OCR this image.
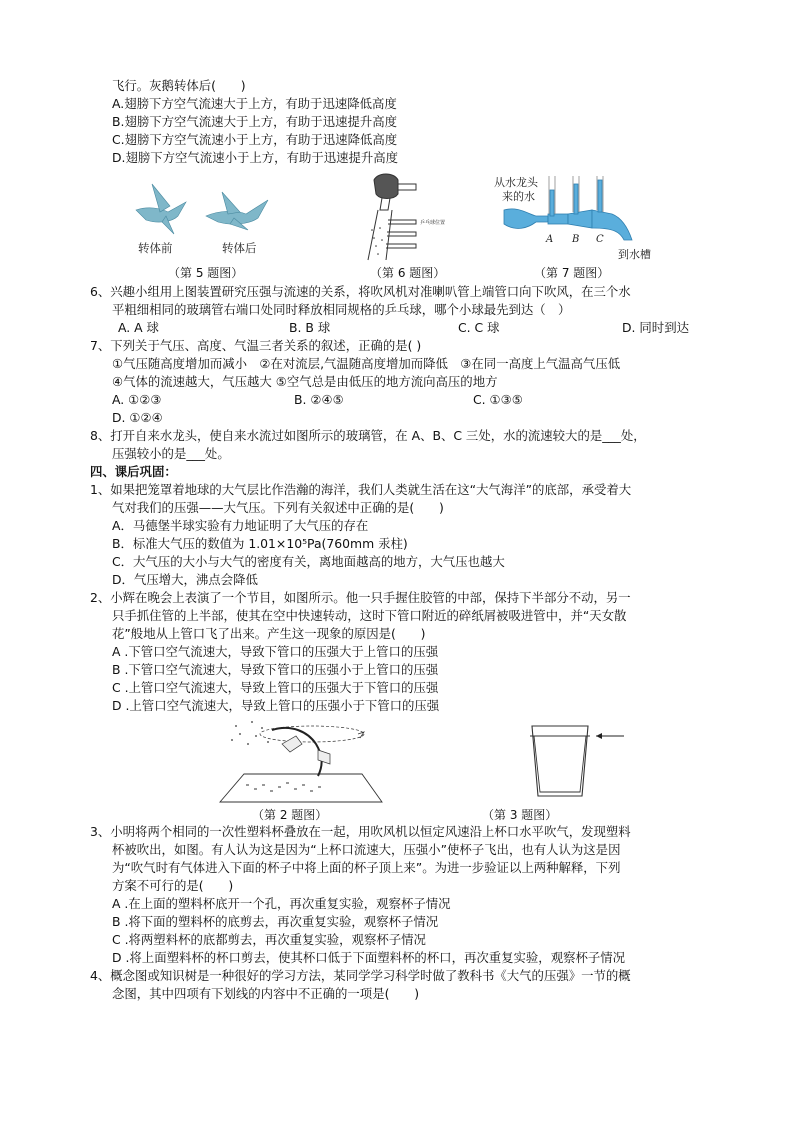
飞行。灰鹅转体后(　　)
A.翅膀下方空气流速大于上方，有助于迅速降低高度
B.翅膀下方空气流速大于上方，有助于迅速提升高度
C.翅膀下方空气流速小于上方，有助于迅速降低高度
D.翅膀下方空气流速小于上方，有助于迅速提升高度
转体前	转体后
乒乓球位置
从水龙头
来的水
A B C
到水槽
（第 5 题图）	（第 6 题图）	（第 7 题图）
6、兴趣小组用上图装置研究压强与流速的关系，将吹风机对准喇叭管上端管口向下吹风，在三个水
平粗细相同的玻璃管右端口处同时释放相同规格的乒乓球，哪个小球最先到达（　）
A. A 球	B. B 球	C. C 球	D. 同时到达
7、下列关于气压、高度、气温三者关系的叙述，正确的是( )
①气压随高度增加而减小　②在对流层,气温随高度增加而降低　③在同一高度上气温高气压低
④气体的流速越大，气压越大 ⑤空气总是由低压的地方流向高压的地方
A. ①②③	B. ②④⑤	C. ①③⑤
D. ①②④
8、打开自来水龙头，使自来水流过如图所示的玻璃管，在 A、B、C 三处，水的流速较大的是___处，
压强较小的是___处。
四、课后巩固：
1、如果把笼罩着地球的大气层比作浩瀚的海洋，我们人类就生活在这“大气海洋”的底部，承受着大
气对我们的压强——大气压。下列有关叙述中正确的是(　　)
A．马德堡半球实验有力地证明了大气压的存在
B．标准大气压的数值为 1.01×10⁵Pa(760mm 汞柱)
C．大气压的大小与大气的密度有关，离地面越高的地方，大气压也越大
D．气压增大，沸点会降低
2、小辉在晚会上表演了一个节目，如图所示。他一只手握住胶管的中部，保持下半部分不动，另一
只手抓住管的上半部，使其在空中快速转动，这时下管口附近的碎纸屑被吸进管中，并“天女散
花”般地从上管口飞了出来。产生这一现象的原因是(　　)
A .下管口空气流速大，导致下管口的压强大于上管口的压强
B .下管口空气流速大，导致下管口的压强小于上管口的压强
C .上管口空气流速大，导致上管口的压强大于下管口的压强
D .上管口空气流速大，导致上管口的压强小于下管口的压强
（第 2 题图）	（第 3 题图）
3、小明将两个相同的一次性塑料杯叠放在一起，用吹风机以恒定风速沿上杯口水平吹气，发现塑料
杯被吹出，如图。有人认为这是因为“上杯口流速大，压强小”使杯子飞出，也有人认为这是因
为“吹气时有气体进入下面的杯子中将上面的杯子顶上来”。为进一步验证以上两种解释，下列
方案不可行的是(　　)
A .在上面的塑料杯底开一个孔，再次重复实验，观察杯子情况
B .将下面的塑料杯的底剪去，再次重复实验，观察杯子情况
C .将两塑料杯的底都剪去，再次重复实验，观察杯子情况
D .将上面塑料杯的杯口剪去，使其杯口低于下面塑料杯的杯口，再次重复实验，观察杯子情况
4、概念图或知识树是一种很好的学习方法，某同学学习科学时做了教科书《大气的压强》一节的概
念图，其中四项有下划线的内容中不正确的一项是(　　)
